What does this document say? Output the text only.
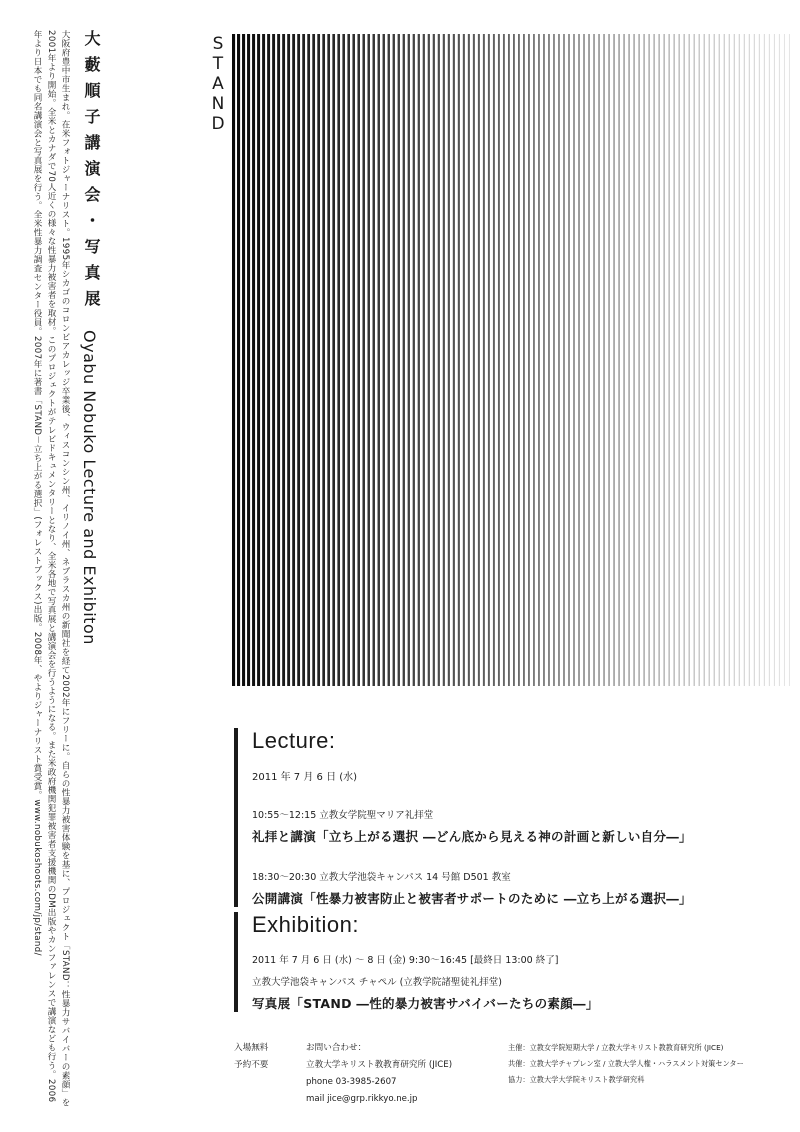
大阪府豊中市生まれ。在米フォトジャーナリスト。1995年シカゴのコロンビアカレッジ卒業後、ウィスコンシン州、イリノイ州、ネブラスカ州の新聞社を経て2002年にフリーに。自らの性暴力被害体験を基に、プロジェクト「STAND：性暴力サバイバーの素顔」を2001年より開始。全米とカナダで70人近くの様々な性暴力被害者を取材。このプロジェクトがテレビドキュメンタリーとなり、全米各地で写真展と講演会を行うようになる。また米政府機関犯罪被害者支援機関のDM出版やカンファレンスで講演なども行う。2006年より日本でも同名講演会と写真展を行う。全米性暴力調査センター役員。2007年に著書「STAND－立ち上がる選択」(フォレストブックス)出版。2008年、やよりジャーナリスト賞受賞。www.nobukoshoots.com/jp/stand/	大藪順子講演会・写真展
Oyabu Nobuko Lecture and Exhibiton
S
T
A
N
D
Lecture:
2011 年 7 月 6 日 (水)
10:55～12:15 立教女学院聖マリア礼拝堂
礼拝と講演「立ち上がる選択 ―どん底から見える神の計画と新しい自分―」
18:30～20:30 立教大学池袋キャンパス 14 号館 D501 教室
公開講演「性暴力被害防止と被害者サポートのために ―立ち上がる選択―」
Exhibition:
2011 年 7 月 6 日 (水) ～ 8 日 (金) 9:30～16:45 [最終日 13:00 終了]
立教大学池袋キャンパス チャペル (立教学院諸聖徒礼拝堂)
写真展「STAND ―性的暴力被害サバイバーたちの素顔―」
入場無料
予約不要
お問い合わせ：
立教大学キリスト教教育研究所 (JICE)
phone 03-3985-2607
mail jice@grp.rikkyo.ne.jp
主催：立教女学院短期大学 / 立教大学キリスト教教育研究所 (JICE)
共催：立教大学チャプレン室 / 立教大学人権・ハラスメント対策センター
協力：立教大学大学院キリスト教学研究科
